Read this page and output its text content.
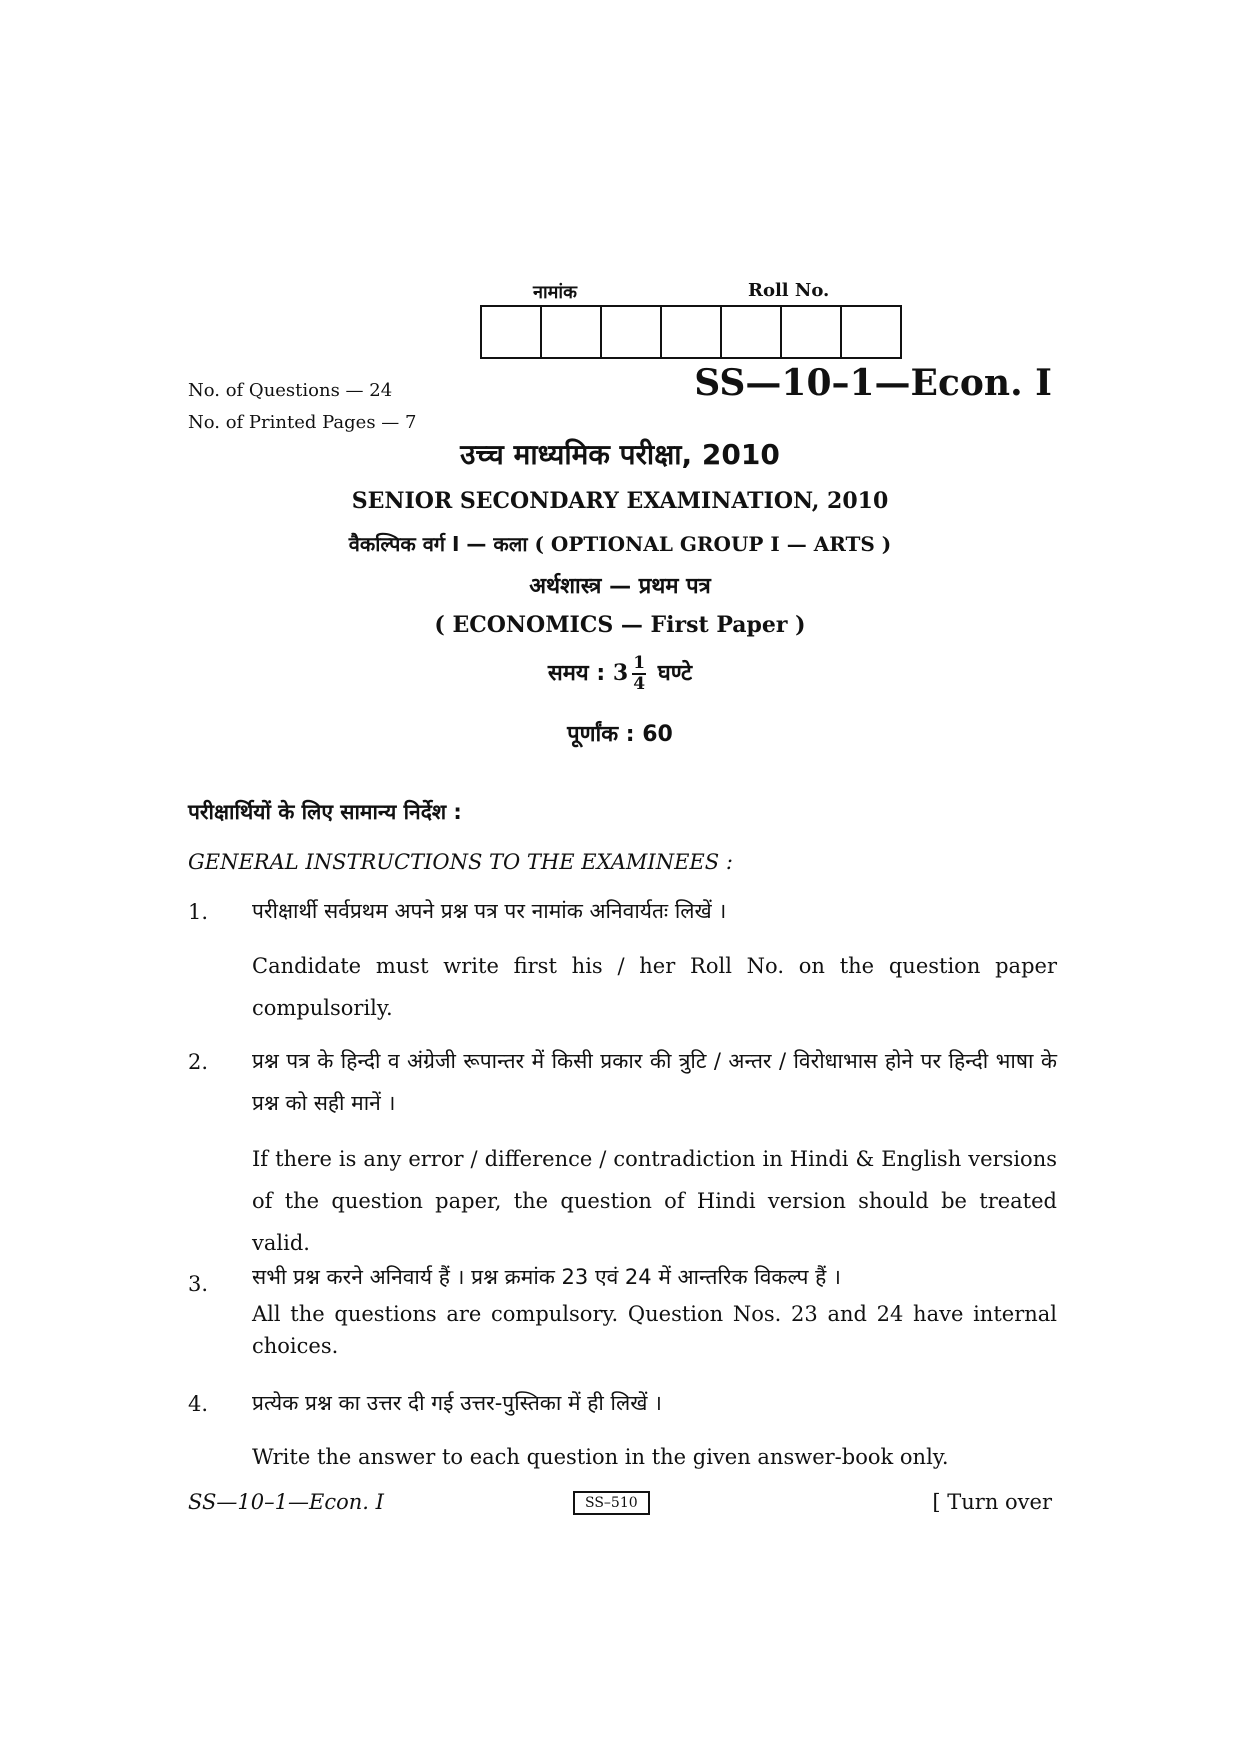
नामांक	Roll No.
No. of Questions — 24
No. of Printed Pages — 7
SS—10–1—Econ. I
उच्च माध्यमिक परीक्षा, 2010
SENIOR SECONDARY EXAMINATION, 2010
वैकल्पिक वर्ग I — कला ( OPTIONAL GROUP I — ARTS )
अर्थशास्त्र — प्रथम पत्र
( ECONOMICS — First Paper )
समय : $3 \frac{1}{4}$ घण्टे
पूर्णांक : 60
परीक्षार्थियों के लिए सामान्य निर्देश :
GENERAL INSTRUCTIONS TO THE EXAMINEES :
1. परीक्षार्थी सर्वप्रथम अपने प्रश्न पत्र पर नामांक अनिवार्यतः लिखें ।
Candidate must write first his / her Roll No. on the question paper compulsorily.
2. प्रश्न पत्र के हिन्दी व अंग्रेजी रूपान्तर में किसी प्रकार की त्रुटि / अन्तर / विरोधाभास होने पर हिन्दी भाषा के प्रश्न को सही मानें ।
If there is any error / difference / contradiction in Hindi & English versions of the question paper, the question of Hindi version should be treated valid.
3. सभी प्रश्न करने अनिवार्य हैं । प्रश्न क्रमांक 23 एवं 24 में आन्तरिक विकल्प हैं ।
All the questions are compulsory. Question Nos. 23 and 24 have internal choices.
4. प्रत्येक प्रश्न का उत्तर दी गई उत्तर-पुस्तिका में ही लिखें ।
Write the answer to each question in the given answer-book only.
SS—10–1—Econ. I	SS–510	[ Turn over
